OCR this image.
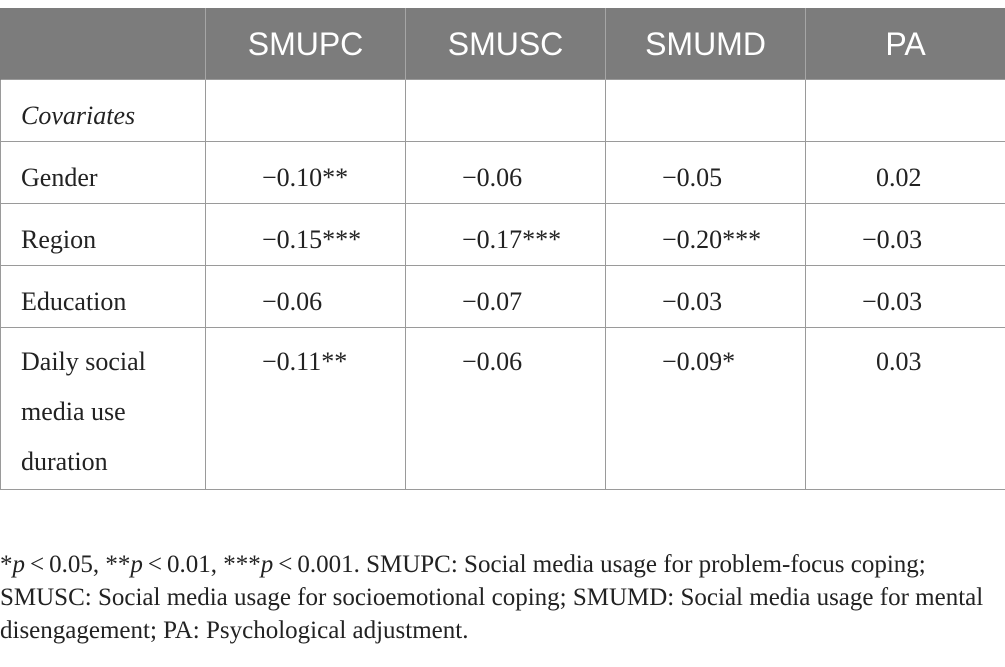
	SMUPC	SMUSC	SMUMD	PA
Covariates				
Gender	−0.10**	−0.06	−0.05	0.02
Region	−0.15***	−0.17***	−0.20***	−0.03
Education	−0.06	−0.07	−0.03	−0.03

Daily social
media use
duration	−0.11**	−0.06	−0.09*	0.03
*p < 0.05, **p < 0.01, ***p < 0.001. SMUPC: Social media usage for problem-focus coping; SMUSC: Social media usage for socioemotional coping; SMUMD: Social media usage for mental disengagement; PA: Psychological adjustment.
